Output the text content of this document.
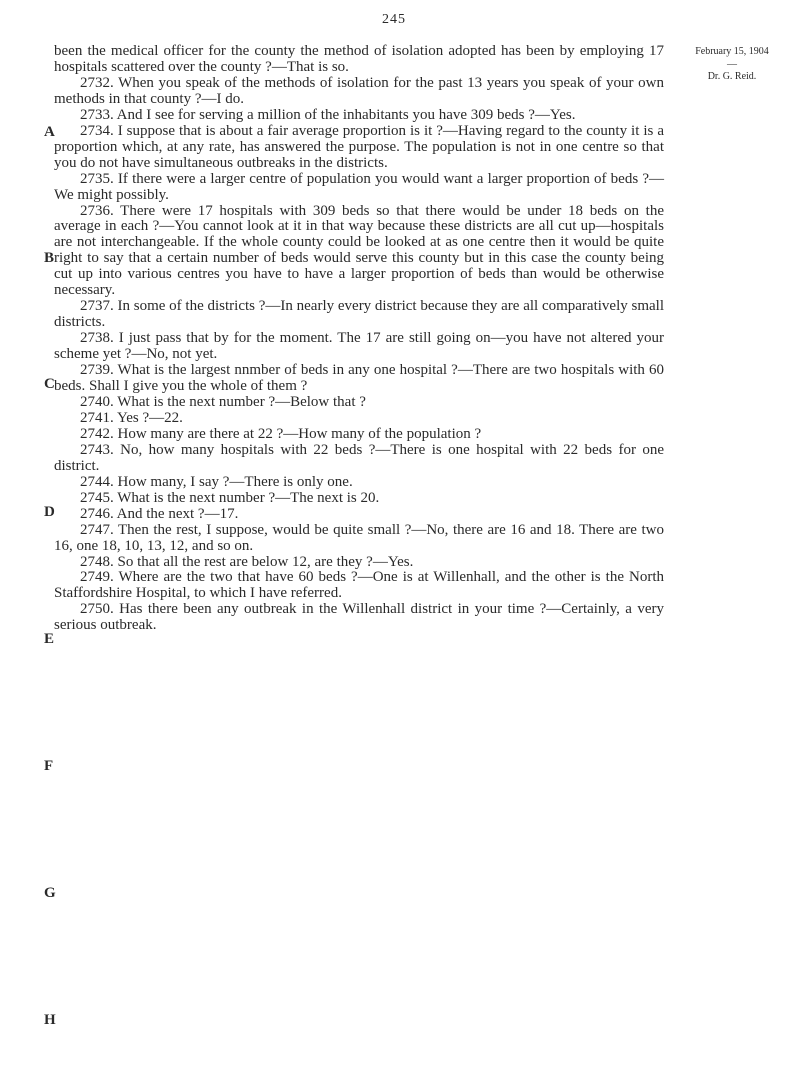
245
February 15, 1904
—
Dr. G. Reid.
A
B
C
D
E
F
G
H

been the medical officer for the county the method of isolation adopted has been by employing 17 hospitals scattered over the county ?—That is so.

2732. When you speak of the methods of isolation for the past 13 years you speak of your own methods in that county ?—I do.

2733. And I see for serving a million of the inhabitants you have 309 beds ?—Yes.

2734. I suppose that is about a fair average proportion is it ?—Having regard to the county it is a proportion which, at any rate, has answered the purpose. The population is not in one centre so that you do not have simultaneous outbreaks in the districts.

2735. If there were a larger centre of population you would want a larger proportion of beds ?—We might possibly.

2736. There were 17 hospitals with 309 beds so that there would be under 18 beds on the average in each ?—You cannot look at it in that way because these districts are all cut up—hospitals are not interchangeable. If the whole county could be looked at as one centre then it would be quite right to say that a certain number of beds would serve this county but in this case the county being cut up into various centres you have to have a larger proportion of beds than would be otherwise necessary.

2737. In some of the districts ?—In nearly every district because they are all comparatively small districts.

2738. I just pass that by for the moment. The 17 are still going on—you have not altered your scheme yet ?—No, not yet.

2739. What is the largest nnmber of beds in any one hospital ?—There are two hospitals with 60 beds. Shall I give you the whole of them ?

2740. What is the next number ?—Below that ?

2741. Yes ?—22.

2742. How many are there at 22 ?—How many of the population ?

2743. No, how many hospitals with 22 beds ?—There is one hospital with 22 beds for one district.

2744. How many, I say ?—There is only one.

2745. What is the next number ?—The next is 20.

2746. And the next ?—17.

2747. Then the rest, I suppose, would be quite small ?—No, there are 16 and 18. There are two 16, one 18, 10, 13, 12, and so on.

2748. So that all the rest are below 12, are they ?—Yes.

2749. Where are the two that have 60 beds ?—One is at Willenhall, and the other is the North Staffordshire Hospital, to which I have referred.

2750. Has there been any outbreak in the Willenhall district in your time ?—Certainly, a very serious outbreak.
